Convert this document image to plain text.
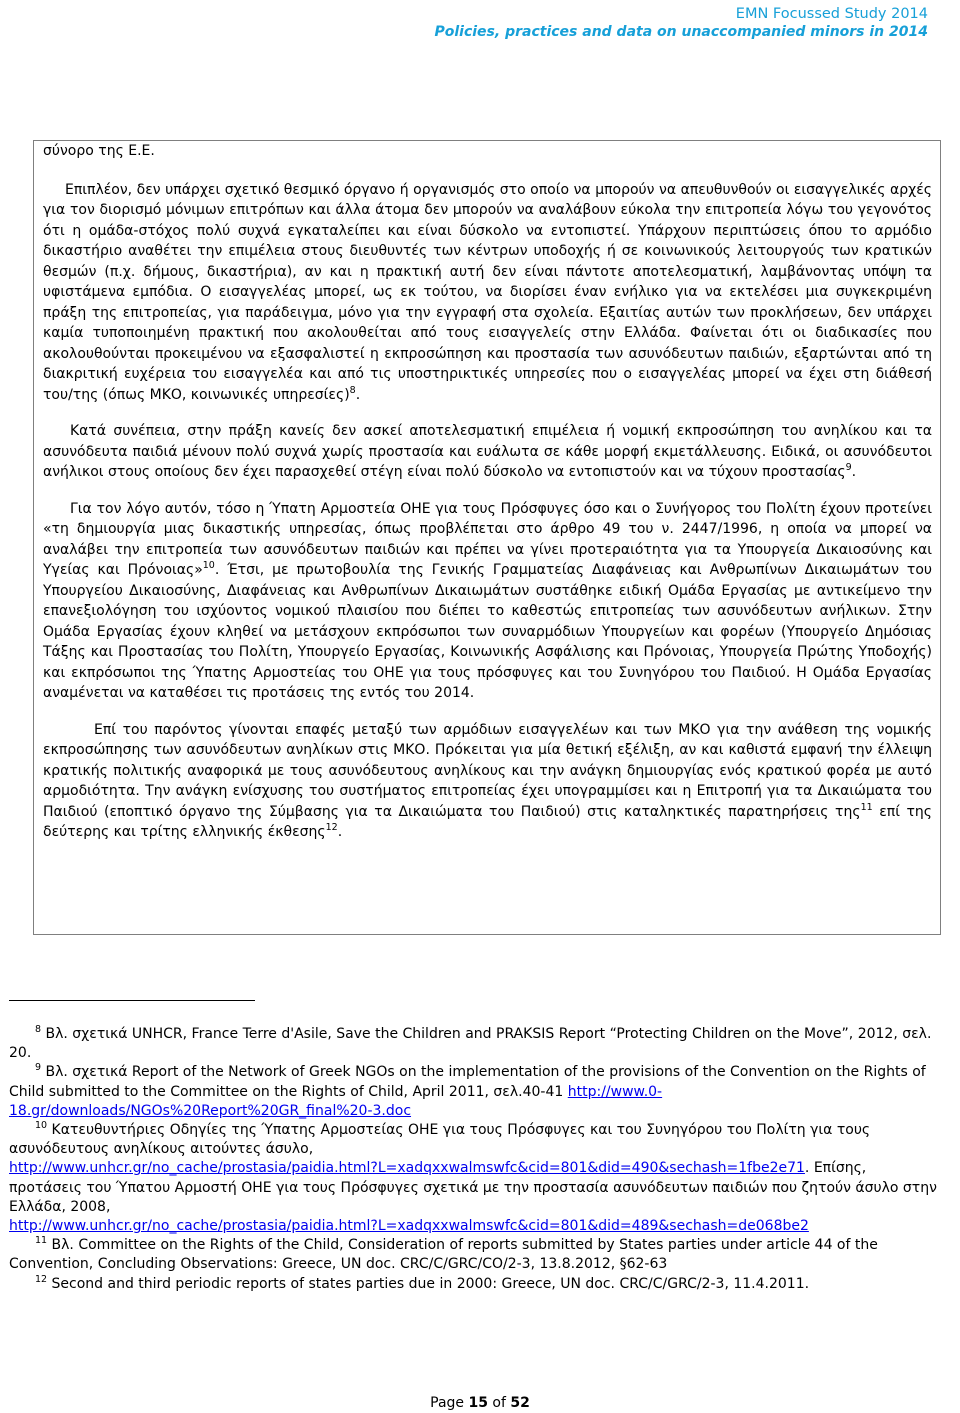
EMN Focussed Study 2014
Policies, practices and data on unaccompanied minors in 2014

σύνορο της Ε.Ε.

Επιπλέον, δεν υπάρχει σχετικό θεσμικό όργανο ή οργανισμός στο οποίο να μπορούν να απευθυνθούν οι εισαγγελικές αρχές για τον διορισμό μόνιμων επιτρόπων και άλλα άτομα δεν μπορούν να αναλάβουν εύκολα την επιτροπεία λόγω του γεγονότος ότι η ομάδα-στόχος πολύ συχνά εγκαταλείπει και είναι δύσκολο να εντοπιστεί. Υπάρχουν περιπτώσεις όπου το αρμόδιο δικαστήριο αναθέτει την επιμέλεια στους διευθυντές των κέντρων υποδοχής ή σε κοινωνικούς λειτουργούς των κρατικών θεσμών (π.χ. δήμους, δικαστήρια), αν και η πρακτική αυτή δεν είναι πάντοτε αποτελεσματική, λαμβάνοντας υπόψη τα υφιστάμενα εμπόδια. Ο εισαγγελέας μπορεί, ως εκ τούτου, να διορίσει έναν ενήλικο για να εκτελέσει μια συγκεκριμένη πράξη της επιτροπείας, για παράδειγμα, μόνο για την εγγραφή στα σχολεία. Εξαιτίας αυτών των προκλήσεων, δεν υπάρχει καμία τυποποιημένη πρακτική που ακολουθείται από τους εισαγγελείς στην Ελλάδα. Φαίνεται ότι οι διαδικασίες που ακολουθούνται προκειμένου να εξασφαλιστεί η εκπροσώπηση και προστασία των ασυνόδευτων παιδιών, εξαρτώνται από τη διακριτική ευχέρεια του εισαγγελέα και από τις υποστηρικτικές υπηρεσίες που ο εισαγγελέας μπορεί να έχει στη διάθεσή του/της (όπως ΜΚΟ, κοινωνικές υπηρεσίες)$^8$.

Κατά συνέπεια, στην πράξη κανείς δεν ασκεί αποτελεσματική επιμέλεια ή νομική εκπροσώπηση του ανηλίκου και τα ασυνόδευτα παιδιά μένουν πολύ συχνά χωρίς προστασία και ευάλωτα σε κάθε μορφή εκμετάλλευσης. Ειδικά, οι ασυνόδευτοι ανήλικοι στους οποίους δεν έχει παρασχεθεί στέγη είναι πολύ δύσκολο να εντοπιστούν και να τύχουν προστασίας$^9$.

Για τον λόγο αυτόν, τόσο η Ύπατη Αρμοστεία ΟΗΕ για τους Πρόσφυγες όσο και ο Συνήγορος του Πολίτη έχουν προτείνει «τη δημιουργία μιας δικαστικής υπηρεσίας, όπως προβλέπεται στο άρθρο 49 του ν. 2447/1996, η οποία να μπορεί να αναλάβει την επιτροπεία των ασυνόδευτων παιδιών και πρέπει να γίνει προτεραιότητα για τα Υπουργεία Δικαιοσύνης και Υγείας και Πρόνοιας»$^{10}$. Έτσι, με πρωτοβουλία της Γενικής Γραμματείας Διαφάνειας και Ανθρωπίνων Δικαιωμάτων του Υπουργείου Δικαιοσύνης, Διαφάνειας και Ανθρωπίνων Δικαιωμάτων συστάθηκε ειδική Ομάδα Εργασίας με αντικείμενο την επανεξιολόγηση του ισχύοντος νομικού πλαισίου που διέπει το καθεστώς επιτροπείας των ασυνόδευτων ανήλικων. Στην Ομάδα Εργασίας έχουν κληθεί να μετάσχουν εκπρόσωποι των συναρμόδιων Υπουργείων και φορέων (Υπουργείο Δημόσιας Τάξης και Προστασίας του Πολίτη, Υπουργείο Εργασίας, Κοινωνικής Ασφάλισης και Πρόνοιας, Υπουργεία Πρώτης Υποδοχής) και εκπρόσωποι της Ύπατης Αρμοστείας του ΟΗΕ για τους πρόσφυγες και του Συνηγόρου του Παιδιού. Η Ομάδα Εργασίας αναμένεται να καταθέσει τις προτάσεις της εντός του 2014.

Επί του παρόντος γίνονται επαφές μεταξύ των αρμόδιων εισαγγελέων και των ΜΚΟ για την ανάθεση της νομικής εκπροσώπησης των ασυνόδευτων ανηλίκων στις ΜΚΟ. Πρόκειται για μία θετική εξέλιξη, αν και καθιστά εμφανή την έλλειψη κρατικής πολιτικής αναφορικά με τους ασυνόδευτους ανηλίκους και την ανάγκη δημιουργίας ενός κρατικού φορέα με αυτό αρμοδιότητα. Την ανάγκη ενίσχυσης του συστήματος επιτροπείας έχει υπογραμμίσει και η Επιτροπή για τα Δικαιώματα του Παιδιού (εποπτικό όργανο της Σύμβασης για τα Δικαιώματα του Παιδιού) στις καταληκτικές παρατηρήσεις της$^{11}$ επί της δεύτερης και τρίτης ελληνικής έκθεσης$^{12}$.

$^8$ Βλ. σχετικά UNHCR, France Terre d'Asile, Save the Children and PRAKSIS Report “Protecting Children on the Move”, 2012, σελ. 20.

$^9$ Βλ. σχετικά Report of the Network of Greek NGOs on the implementation of the provisions of the Convention on the Rights of Child submitted to the Committee on the Rights of Child, April 2011, σελ.40-41 http://www.0-18.gr/downloads/NGOs%20Report%20GR_final%20-3.doc

$^{10}$ Κατευθυντήριες Οδηγίες της Ύπατης Αρμοστείας ΟΗΕ για τους Πρόσφυγες και του Συνηγόρου του Πολίτη για τους ασυνόδευτους ανηλίκους αιτούντες άσυλο,
http://www.unhcr.gr/no_cache/prostasia/paidia.html?L=xadqxxwalmswfc&cid=801&did=490&sechash=1fbe2e71. Επίσης, προτάσεις του Ύπατου Αρμοστή ΟΗΕ για τους Πρόσφυγες σχετικά με την προστασία ασυνόδευτων παιδιών που ζητούν άσυλο στην Ελλάδα, 2008,
http://www.unhcr.gr/no_cache/prostasia/paidia.html?L=xadqxxwalmswfc&cid=801&did=489&sechash=de068be2

$^{11}$ Βλ. Committee on the Rights of the Child, Consideration of reports submitted by States parties under article 44 of the Convention, Concluding Observations: Greece, UN doc. CRC/C/GRC/CO/2-3, 13.8.2012, §62-63

$^{12}$ Second and third periodic reports of states parties due in 2000: Greece, UN doc. CRC/C/GRC/2-3, 11.4.2011.

Page 15 of 52
